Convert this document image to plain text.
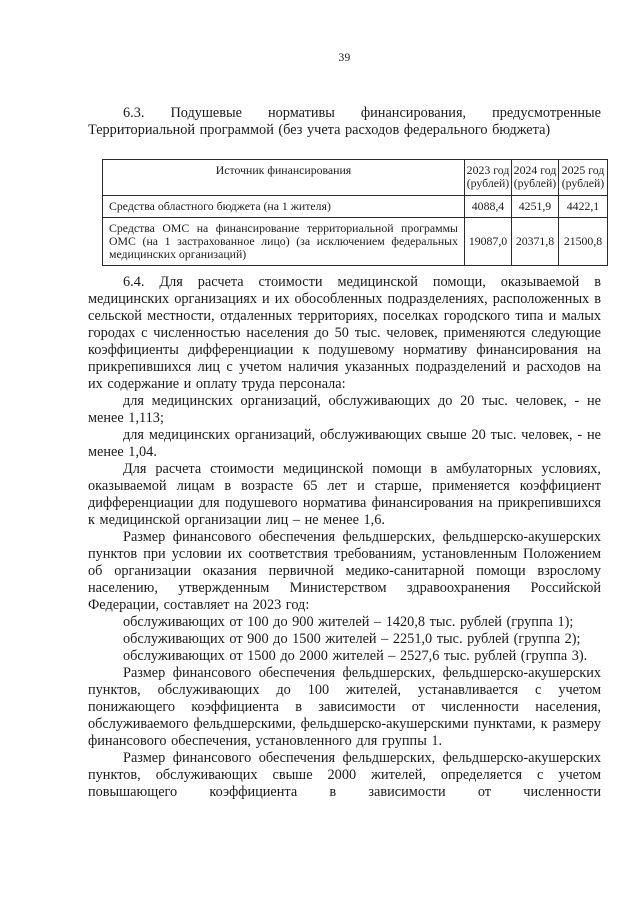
39

6.3. Подушевые нормативы финансирования, предусмотренные Территориальной программой (без учета расходов федерального бюджета)

Источник финансирования	2023 год (рублей)	2024 год (рублей)	2025 год (рублей)
Средства областного бюджета (на 1 жителя)	4088,4	4251,9	4422,1
Средства ОМС на финансирование территориальной программы ОМС (на 1 застрахованное лицо) (за исключением федеральных медицинских организаций)	19087,0	20371,8	21500,8

6.4. Для расчета стоимости медицинской помощи, оказываемой в медицинских организациях и их обособленных подразделениях, расположенных в сельской местности, отдаленных территориях, поселках городского типа и малых городах с численностью населения до 50 тыс. человек, применяются следующие коэффициенты дифференциации к подушевому нормативу финансирования на прикрепившихся лиц с учетом наличия указанных подразделений и расходов на их содержание и оплату труда персонала:

для медицинских организаций, обслуживающих до 20 тыс. человек, - не менее 1,113;

для медицинских организаций, обслуживающих свыше 20 тыс. человек, - не менее 1,04.

Для расчета стоимости медицинской помощи в амбулаторных условиях, оказываемой лицам в возрасте 65 лет и старше, применяется коэффициент дифференциации для подушевого норматива финансирования на прикрепившихся к медицинской организации лиц – не менее 1,6.

Размер финансового обеспечения фельдшерских, фельдшерско-акушерских пунктов при условии их соответствия требованиям, установленным Положением об организации оказания первичной медико-санитарной помощи взрослому населению, утвержденным Министерством здравоохранения Российской Федерации, составляет на 2023 год:

обслуживающих от 100 до 900 жителей – 1420,8 тыс. рублей (группа 1);

обслуживающих от 900 до 1500 жителей – 2251,0 тыс. рублей (группа 2);

обслуживающих от 1500 до 2000 жителей – 2527,6 тыс. рублей (группа 3).

Размер финансового обеспечения фельдшерских, фельдшерско-акушерских пунктов, обслуживающих до 100 жителей, устанавливается с учетом понижающего коэффициента в зависимости от численности населения, обслуживаемого фельдшерскими, фельдшерско-акушерскими пунктами, к размеру финансового обеспечения, установленного для группы 1.

Размер финансового обеспечения фельдшерских, фельдшерско-акушерских пунктов, обслуживающих свыше 2000 жителей, определяется с учетом повышающего коэффициента в зависимости от численности
